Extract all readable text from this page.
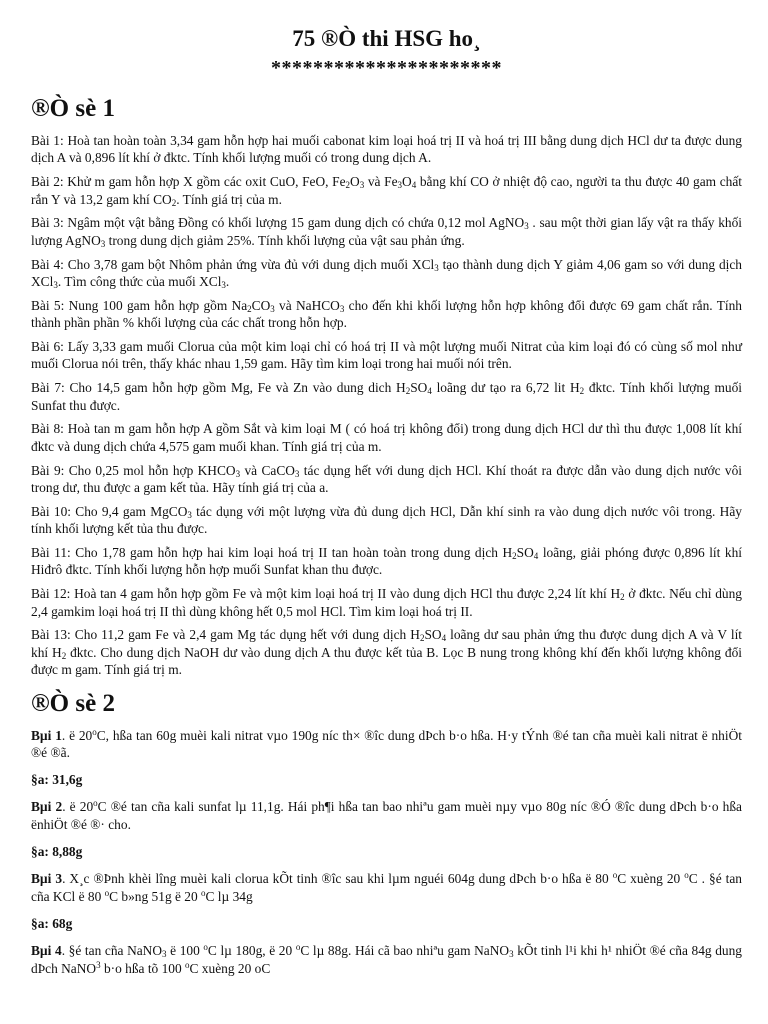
75 ®Ò thi HSG ho¸
**********************
®Ò sè 1

Bài 1: Hoà tan hoàn toàn 3,34 gam hỗn hợp hai muối cabonat kim loại hoá trị II và hoá trị III bằng dung dịch HCl dư ta được dung dịch A và 0,896 lít khí ở đktc. Tính khối lượng muối có trong dung dịch A.

Bài 2: Khử m gam hỗn hợp X gồm các oxit CuO, FeO, $Fe_2O_3$ và $Fe_3O_4$ bằng khí CO ở nhiệt độ cao, người ta thu được 40 gam chất rắn Y và 13,2 gam khí $CO_2$. Tính giá trị của m.

Bài 3: Ngâm một vật bằng Đồng có khối lượng 15 gam dung dịch có chứa 0,12 mol AgNO$_3$ . sau một thời gian lấy vật ra thấy khối lượng AgNO$_3$ trong dung dịch giảm 25%. Tính khối lượng của vật sau phản ứng.

Bài 4: Cho 3,78 gam bột Nhôm phản ứng vừa đủ với dung dịch muối XCl$_3$ tạo thành dung dịch Y giảm 4,06 gam so với dung dịch XCl$_3$. Tìm công thức của muối XCl$_3$.

Bài 5: Nung 100 gam hỗn hợp gồm $Na_2CO_3$ và NaHCO$_3$ cho đến khi khối lượng hỗn hợp không đổi được 69 gam chất rắn. Tính thành phần phần % khối lượng của các chất trong hỗn hợp.

Bài 6: Lấy 3,33 gam muối Clorua của một kim loại chỉ có hoá trị II và một lượng muối Nitrat của kim loại đó có cùng số mol như muối Clorua nói trên, thấy khác nhau 1,59 gam. Hãy tìm kim loại trong hai muối nói trên.

Bài 7: Cho 14,5 gam hỗn hợp gồm Mg, Fe và Zn vào dung dich $H_2SO_4$ loãng dư tạo ra 6,72 lit $H_2$ đktc. Tính khối lượng muối Sunfat thu được.

Bài 8: Hoà tan m gam hỗn hợp A gồm Sắt và kim loại M ( có hoá trị không đổi) trong dung dịch HCl dư thì thu được 1,008 lít khí đktc và dung dịch chứa 4,575 gam muối khan. Tính giá trị của m.

Bài 9: Cho 0,25 mol hỗn hợp $KHCO_3$ và CaCO$_3$ tác dụng hết với dung dịch HCl. Khí thoát ra được dẫn vào dung dịch nước vôi trong dư, thu được a gam kết tủa. Hãy tính giá trị của a.

Bài 10: Cho 9,4 gam MgCO$_3$ tác dụng với một lượng vừa đủ dung dịch HCl, Dẫn khí sinh ra vào dung dịch nước vôi trong. Hãy tính khối lượng kết tủa thu được.

Bài 11: Cho 1,78 gam hỗn hợp hai kim loại hoá trị II tan hoàn toàn trong dung dịch $H_2SO_4$ loãng, giải phóng được 0,896 lít khí Hiđrô đktc. Tính khối lượng hỗn hợp muối Sunfat khan thu được.

Bài 12: Hoà tan 4 gam hỗn hợp gồm Fe và một kim loại hoá trị II vào dung dịch HCl thu được 2,24 lít khí $H_2$ ở đktc. Nếu chỉ dùng 2,4 gamkim loại hoá trị II thì dùng không hết 0,5 mol HCl. Tìm kim loại hoá trị II.

Bài 13: Cho 11,2 gam Fe và 2,4 gam Mg tác dụng hết với dung dịch $H_2SO_4$ loãng dư sau phản ứng thu được dung dịch A và V lít khí $H_2$ đktc. Cho dung dịch NaOH dư vào dung dịch A thu được kết tủa B. Lọc B nung trong không khí đến khối lượng không đổi được m gam. Tính giá trị m.

®Ò sè 2

Bµi 1. ë 20$^o$C, hßa tan 60g muèi kali nitrat vµo 190g níc th× ®îc dung dÞch b·o hßa. H·y tÝnh ®é tan cña muèi kali nitrat ë nhiÖt ®é ®ã.

§a: 31,6g

Bµi 2. ë 20$^o$C ®é tan cña kali sunfat lµ 11,1g. Hái ph¶i hßa tan bao nhiªu gam muèi nµy vµo 80g níc ®Ó ®îc dung dÞch b·o hßa ënhiÖt ®é ®· cho.

§a: 8,88g

Bµi 3. X¸c ®Þnh khèi lîng muèi kali clorua kÕt tinh ®îc sau khi lµm nguéi 604g dung dÞch b·o hßa ë 80 $^o$C xuèng 20 $^o$C . §é tan cña KCl ë 80 $^o$C b»ng 51g ë 20 $^o$C lµ 34g

§a: 68g

Bµi 4. §é tan cña NaNO$_3$ ë 100 $^o$C lµ 180g, ë 20 $^o$C lµ 88g. Hái cã bao nhiªu gam NaNO$_3$ kÕt tinh l¹i khi h¹ nhiÖt ®é cña 84g dung dÞch NaNO$^3$ b·o hßa tõ 100 $^o$C xuèng 20 oC
